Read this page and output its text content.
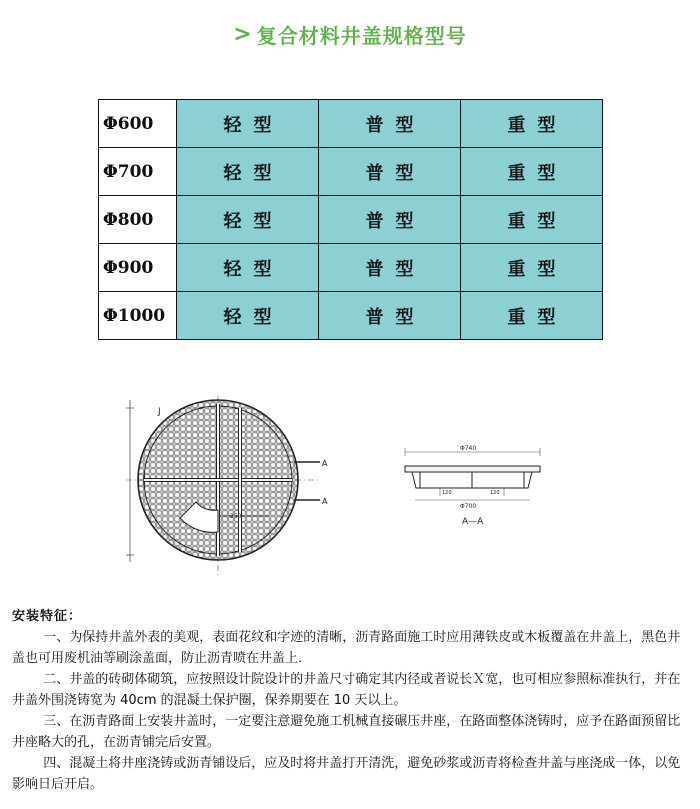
> 复合材料井盖规格型号
Φ600	轻型	普型	重型
Φ700	轻型	普型	重型
Φ800	轻型	普型	重型
Φ900	轻型	普型	重型
Φ1000	轻型	普型	重型
J
250
A
A
Φ740
Φ700
120	120
A—A
安装特征：

一、为保持井盖外表的美观，表面花纹和字迹的清晰，沥青路面施工时应用薄铁皮或木板覆盖在井盖上，黑色井盖也可用废机油等刷涂盖面，防止沥青喷在井盖上．

二、井盖的砖砌体砌筑，应按照设计院设计的井盖尺寸确定其内径或者说长Ｘ宽，也可相应参照标准执行，并在井盖外围浇铸宽为 40cm 的混凝土保护圈，保养期要在 10 天以上。

三、在沥青路面上安装井盖时，一定要注意避免施工机械直接碾压井座，在路面整体浇铸时，应予在路面预留比井座略大的孔，在沥青铺完后安置。

四、混凝土将井座浇铸或沥青铺设后，应及时将井盖打开清洗，避免砂浆或沥青将检查井盖与座浇成一体，以免影响日后开启。
